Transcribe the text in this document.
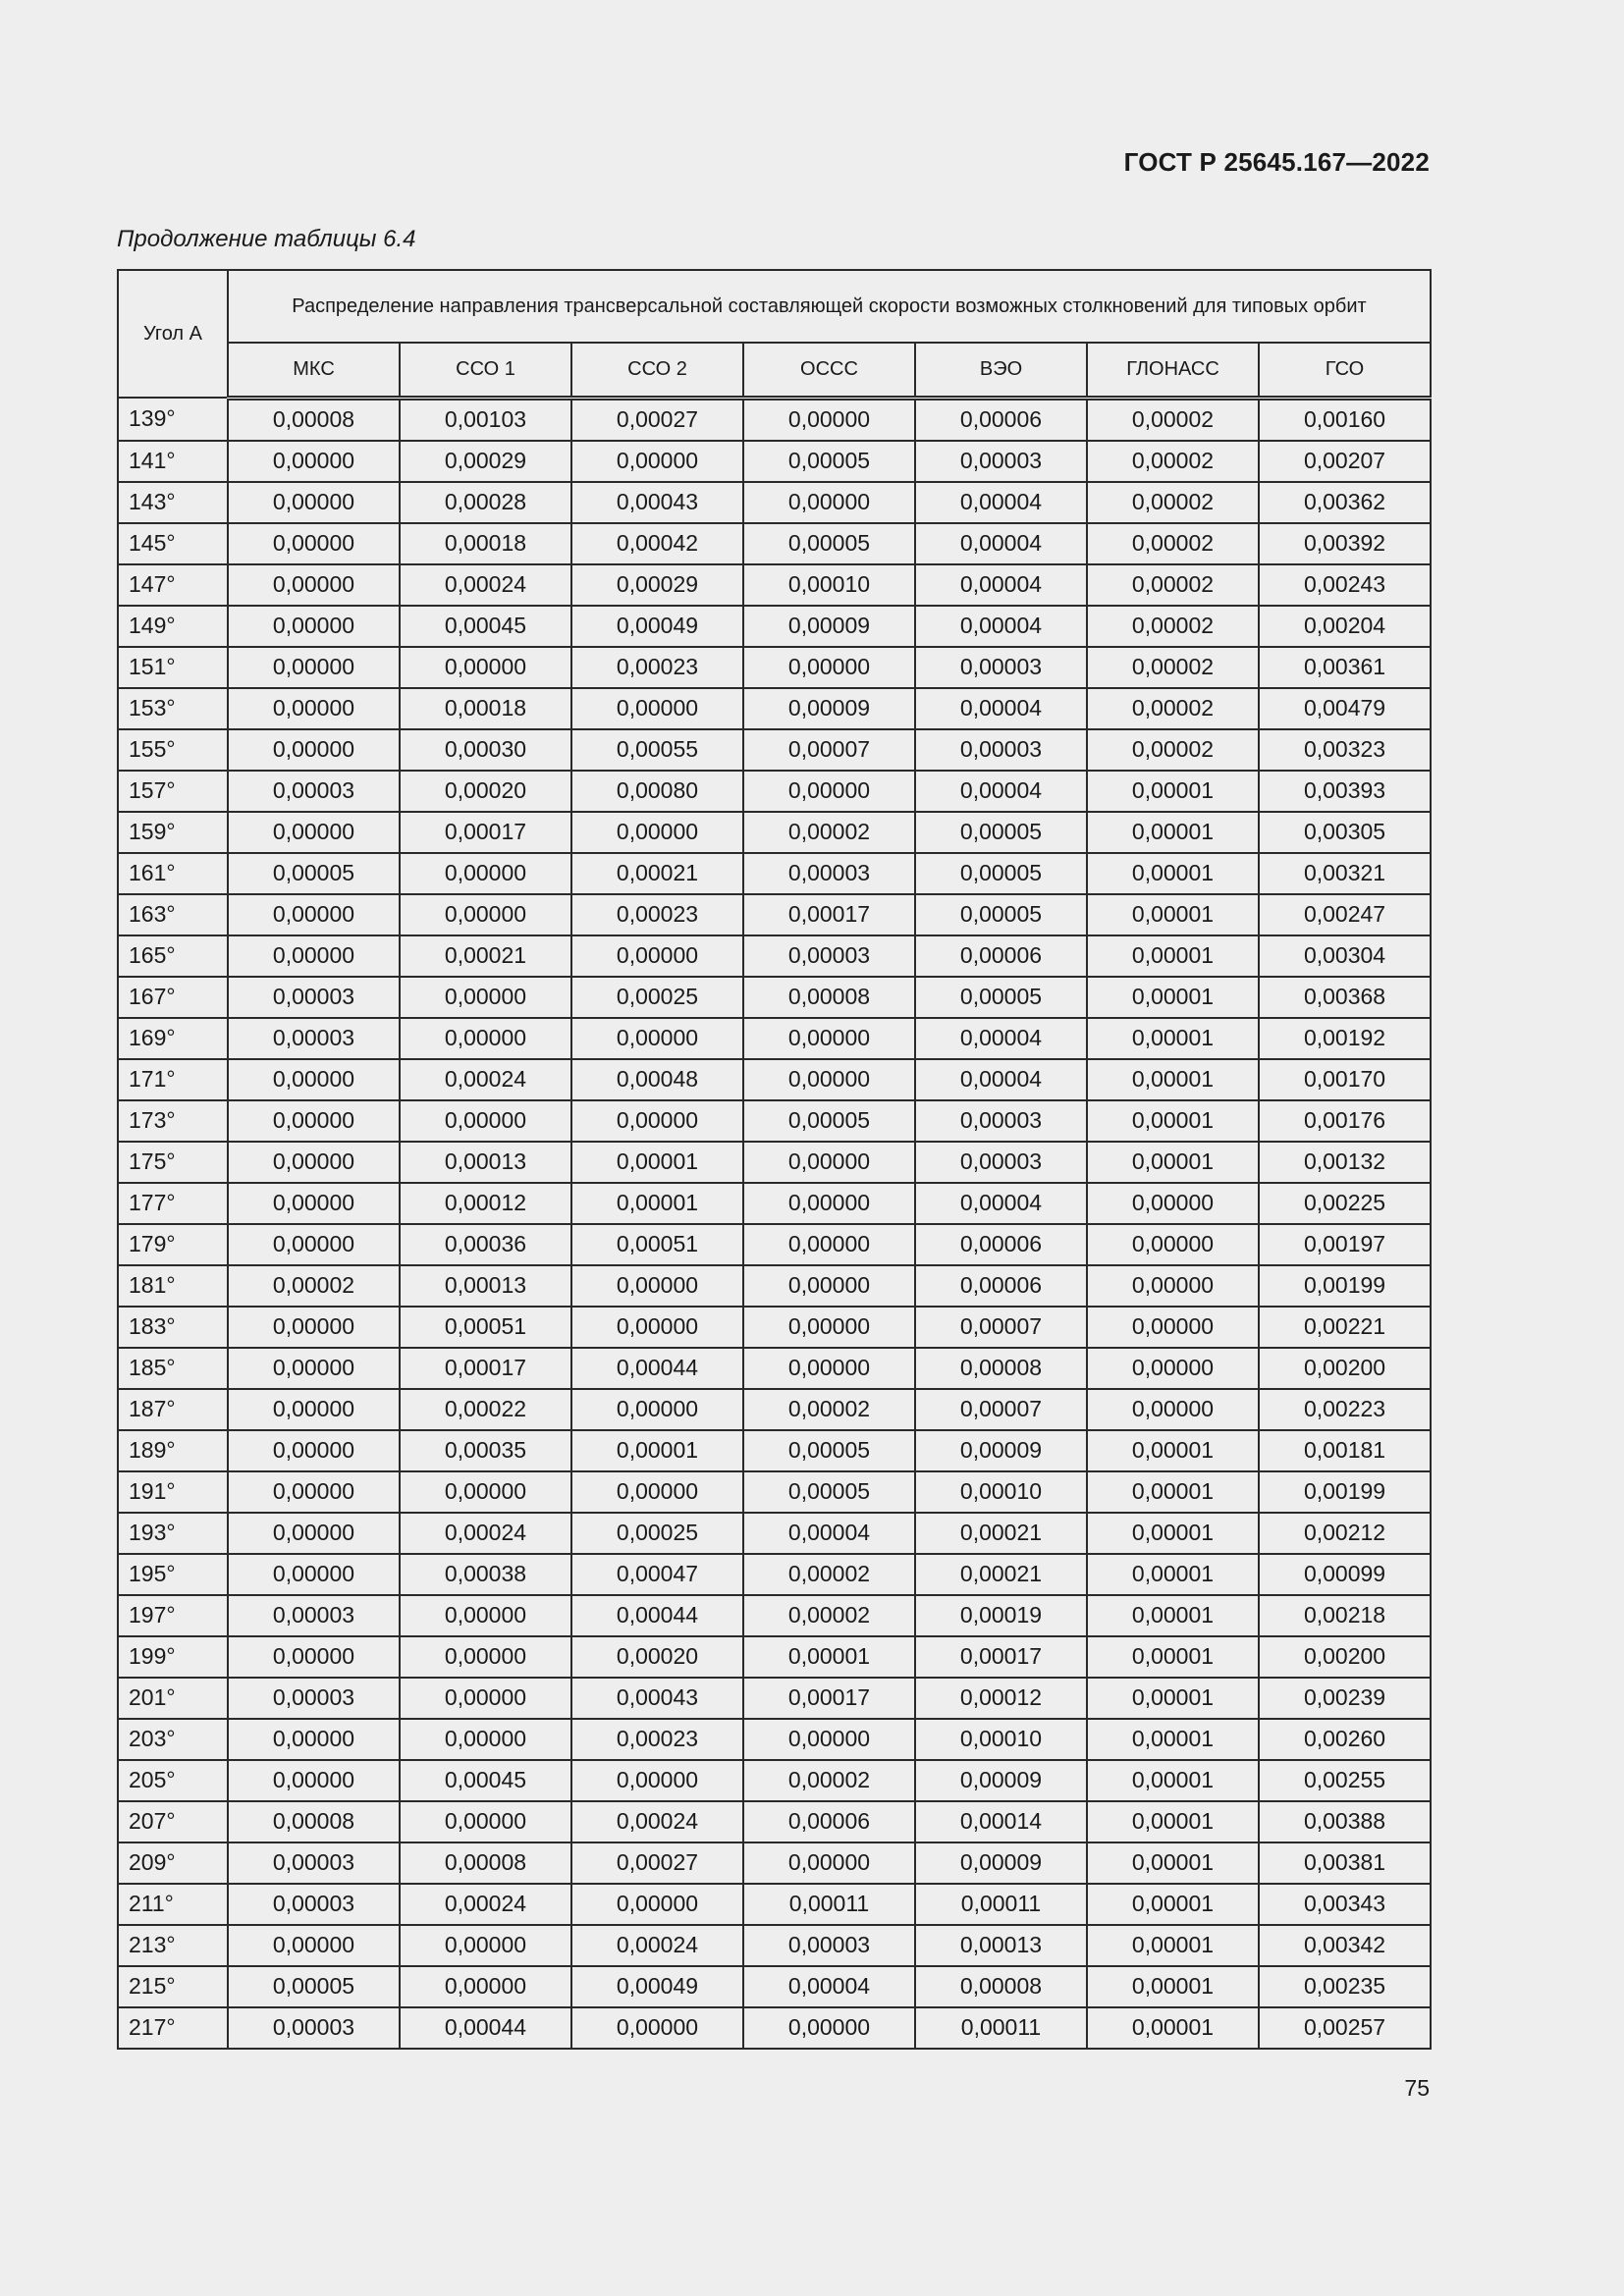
ГОСТ Р 25645.167—2022
Продолжение таблицы 6.4
Угол А	Распределение направления трансверсальной составляющей скорости возможных столкновений для типовых орбит						
	МКС	ССО 1	ССО 2	ОССС	ВЭО	ГЛОНАСС	ГСО
139°	0,00008	0,00103	0,00027	0,00000	0,00006	0,00002	0,00160
141°	0,00000	0,00029	0,00000	0,00005	0,00003	0,00002	0,00207
143°	0,00000	0,00028	0,00043	0,00000	0,00004	0,00002	0,00362
145°	0,00000	0,00018	0,00042	0,00005	0,00004	0,00002	0,00392
147°	0,00000	0,00024	0,00029	0,00010	0,00004	0,00002	0,00243
149°	0,00000	0,00045	0,00049	0,00009	0,00004	0,00002	0,00204
151°	0,00000	0,00000	0,00023	0,00000	0,00003	0,00002	0,00361
153°	0,00000	0,00018	0,00000	0,00009	0,00004	0,00002	0,00479
155°	0,00000	0,00030	0,00055	0,00007	0,00003	0,00002	0,00323
157°	0,00003	0,00020	0,00080	0,00000	0,00004	0,00001	0,00393
159°	0,00000	0,00017	0,00000	0,00002	0,00005	0,00001	0,00305
161°	0,00005	0,00000	0,00021	0,00003	0,00005	0,00001	0,00321
163°	0,00000	0,00000	0,00023	0,00017	0,00005	0,00001	0,00247
165°	0,00000	0,00021	0,00000	0,00003	0,00006	0,00001	0,00304
167°	0,00003	0,00000	0,00025	0,00008	0,00005	0,00001	0,00368
169°	0,00003	0,00000	0,00000	0,00000	0,00004	0,00001	0,00192
171°	0,00000	0,00024	0,00048	0,00000	0,00004	0,00001	0,00170
173°	0,00000	0,00000	0,00000	0,00005	0,00003	0,00001	0,00176
175°	0,00000	0,00013	0,00001	0,00000	0,00003	0,00001	0,00132
177°	0,00000	0,00012	0,00001	0,00000	0,00004	0,00000	0,00225
179°	0,00000	0,00036	0,00051	0,00000	0,00006	0,00000	0,00197
181°	0,00002	0,00013	0,00000	0,00000	0,00006	0,00000	0,00199
183°	0,00000	0,00051	0,00000	0,00000	0,00007	0,00000	0,00221
185°	0,00000	0,00017	0,00044	0,00000	0,00008	0,00000	0,00200
187°	0,00000	0,00022	0,00000	0,00002	0,00007	0,00000	0,00223
189°	0,00000	0,00035	0,00001	0,00005	0,00009	0,00001	0,00181
191°	0,00000	0,00000	0,00000	0,00005	0,00010	0,00001	0,00199
193°	0,00000	0,00024	0,00025	0,00004	0,00021	0,00001	0,00212
195°	0,00000	0,00038	0,00047	0,00002	0,00021	0,00001	0,00099
197°	0,00003	0,00000	0,00044	0,00002	0,00019	0,00001	0,00218
199°	0,00000	0,00000	0,00020	0,00001	0,00017	0,00001	0,00200
201°	0,00003	0,00000	0,00043	0,00017	0,00012	0,00001	0,00239
203°	0,00000	0,00000	0,00023	0,00000	0,00010	0,00001	0,00260
205°	0,00000	0,00045	0,00000	0,00002	0,00009	0,00001	0,00255
207°	0,00008	0,00000	0,00024	0,00006	0,00014	0,00001	0,00388
209°	0,00003	0,00008	0,00027	0,00000	0,00009	0,00001	0,00381
211°	0,00003	0,00024	0,00000	0,00011	0,00011	0,00001	0,00343
213°	0,00000	0,00000	0,00024	0,00003	0,00013	0,00001	0,00342
215°	0,00005	0,00000	0,00049	0,00004	0,00008	0,00001	0,00235
217°	0,00003	0,00044	0,00000	0,00000	0,00011	0,00001	0,00257
75
